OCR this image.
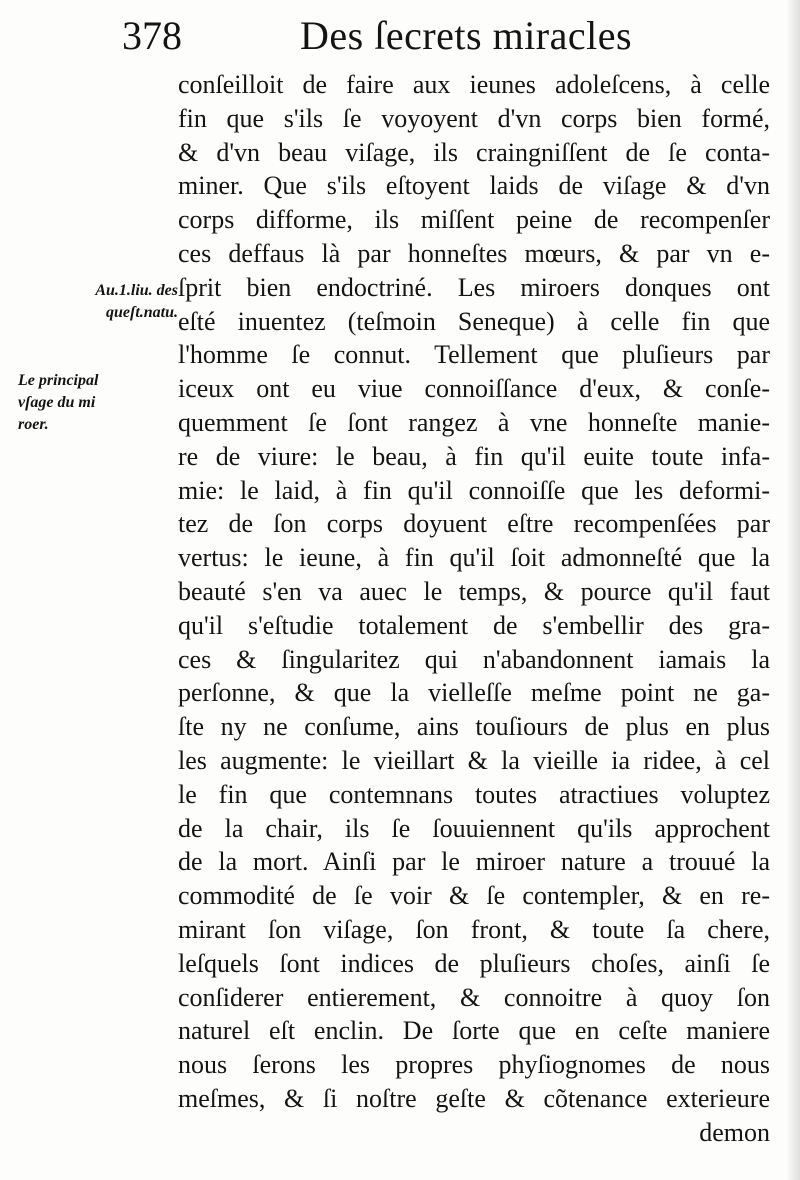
378	Des ſecrets miracles
Au.1.liu. des
queſt.natu.
Le principal
vſage du mi
roer.
conſeilloit de faire aux ieunes adoleſcens, à celle
fin que s'ils ſe voyoyent d'vn corps bien formé,
& d'vn beau viſage, ils craingniſſent de ſe conta-
miner. Que s'ils eſtoyent laids de viſage & d'vn
corps difforme, ils miſſent peine de recompenſer
ces deffaus là par honneſtes mœurs, & par vn e-
ſprit bien endoctriné. Les miroers donques ont
eſté inuentez (teſmoin Seneque) à celle fin que
l'homme ſe connut. Tellement que pluſieurs par
iceux ont eu viue connoiſſance d'eux, & conſe-
quemment ſe ſont rangez à vne honneſte manie-
re de viure: le beau, à fin qu'il euite toute infa-
mie: le laid, à fin qu'il connoiſſe que les deformi-
tez de ſon corps doyuent eſtre recompenſées par
vertus: le ieune, à fin qu'il ſoit admonneſté que la
beauté s'en va auec le temps, & pource qu'il faut
qu'il s'eſtudie totalement de s'embellir des gra-
ces & ſingularitez qui n'abandonnent iamais la
perſonne, & que la vielleſſe meſme point ne ga-
ſte ny ne conſume, ains touſiours de plus en plus
les augmente: le vieillart & la vieille ia ridee, à cel
le fin que contemnans toutes atractiues voluptez
de la chair, ils ſe ſouuiennent qu'ils approchent
de la mort. Ainſi par le miroer nature a trouué la
commodité de ſe voir & ſe contempler, & en re-
mirant ſon viſage, ſon front, & toute ſa chere,
leſquels ſont indices de pluſieurs choſes, ainſi ſe
conſiderer entierement, & connoitre à quoy ſon
naturel eſt enclin. De ſorte que en ceſte maniere
nous ſerons les propres phyſiognomes de nous
meſmes, & ſi noſtre geſte & cõtenance exterieure
demon
